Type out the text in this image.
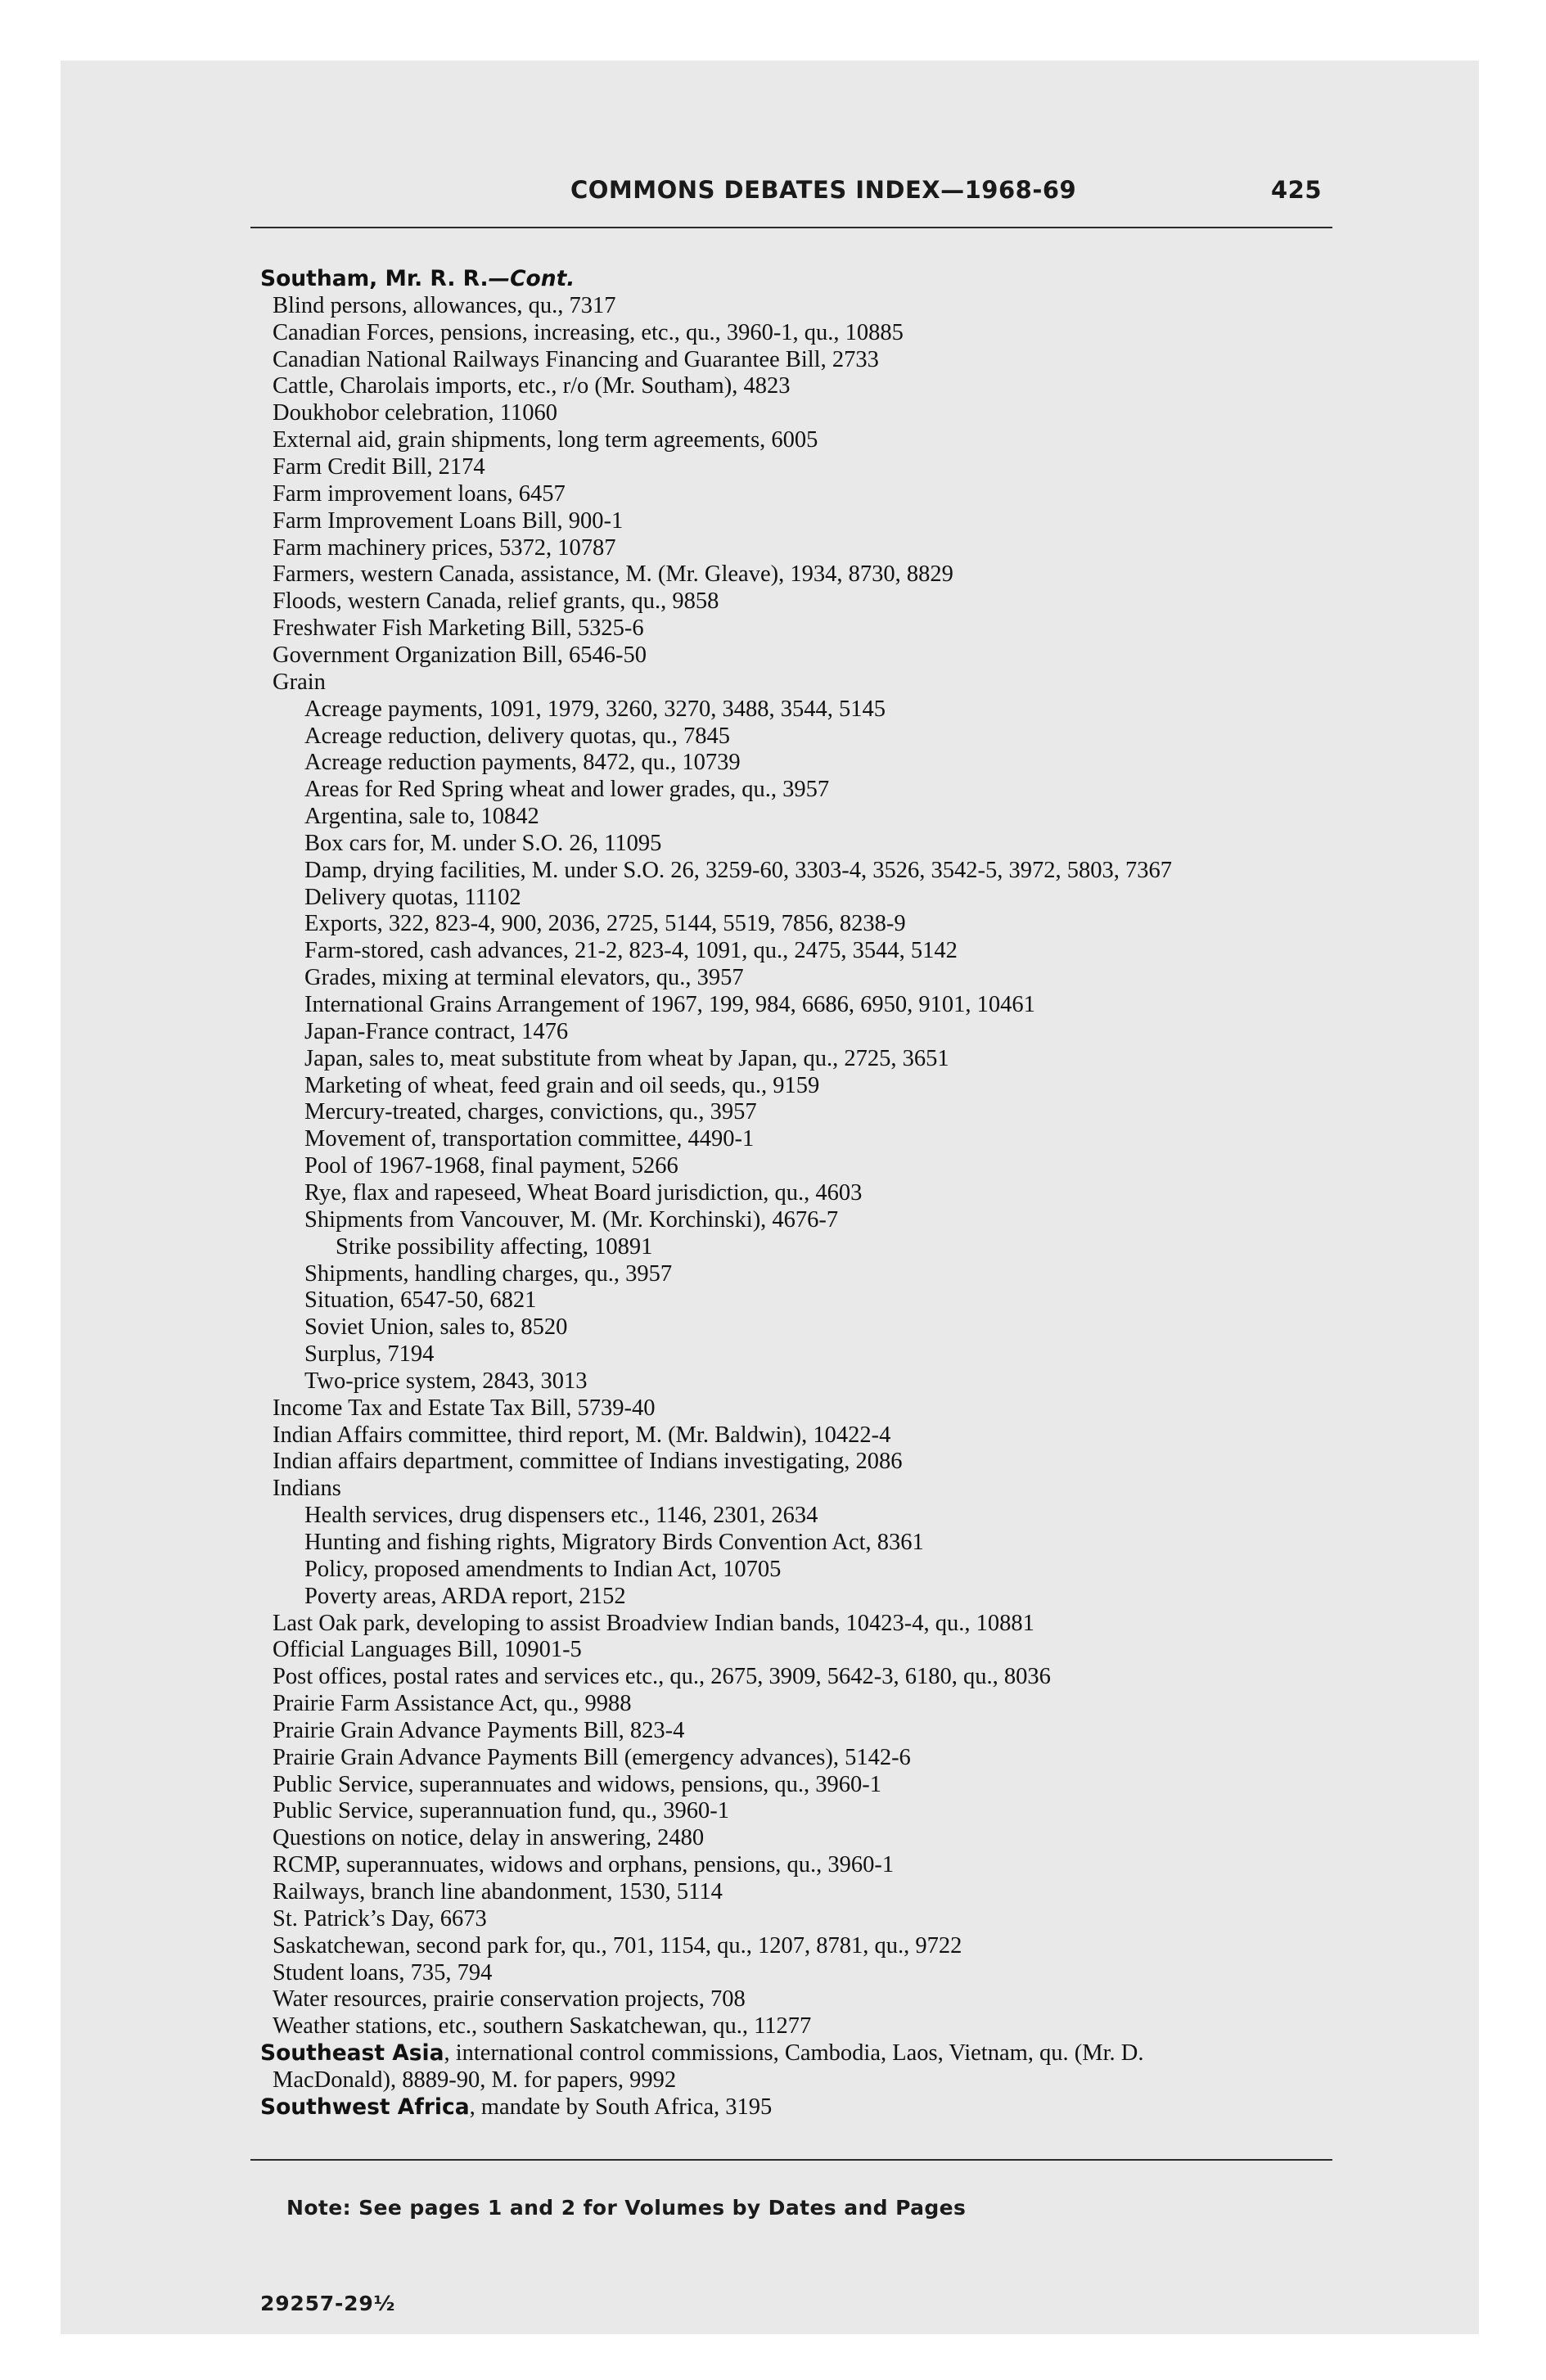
COMMONS DEBATES INDEX—1968-69	425
Southam, Mr. R. R.—Cont.
Blind persons, allowances, qu., 7317
Canadian Forces, pensions, increasing, etc., qu., 3960-1, qu., 10885
Canadian National Railways Financing and Guarantee Bill, 2733
Cattle, Charolais imports, etc., r/o (Mr. Southam), 4823
Doukhobor celebration, 11060
External aid, grain shipments, long term agreements, 6005
Farm Credit Bill, 2174
Farm improvement loans, 6457
Farm Improvement Loans Bill, 900-1
Farm machinery prices, 5372, 10787
Farmers, western Canada, assistance, M. (Mr. Gleave), 1934, 8730, 8829
Floods, western Canada, relief grants, qu., 9858
Freshwater Fish Marketing Bill, 5325-6
Government Organization Bill, 6546-50
Grain
Acreage payments, 1091, 1979, 3260, 3270, 3488, 3544, 5145
Acreage reduction, delivery quotas, qu., 7845
Acreage reduction payments, 8472, qu., 10739
Areas for Red Spring wheat and lower grades, qu., 3957
Argentina, sale to, 10842
Box cars for, M. under S.O. 26, 11095
Damp, drying facilities, M. under S.O. 26, 3259-60, 3303-4, 3526, 3542-5, 3972, 5803, 7367
Delivery quotas, 11102
Exports, 322, 823-4, 900, 2036, 2725, 5144, 5519, 7856, 8238-9
Farm-stored, cash advances, 21-2, 823-4, 1091, qu., 2475, 3544, 5142
Grades, mixing at terminal elevators, qu., 3957
International Grains Arrangement of 1967, 199, 984, 6686, 6950, 9101, 10461
Japan-France contract, 1476
Japan, sales to, meat substitute from wheat by Japan, qu., 2725, 3651
Marketing of wheat, feed grain and oil seeds, qu., 9159
Mercury-treated, charges, convictions, qu., 3957
Movement of, transportation committee, 4490-1
Pool of 1967-1968, final payment, 5266
Rye, flax and rapeseed, Wheat Board jurisdiction, qu., 4603
Shipments from Vancouver, M. (Mr. Korchinski), 4676-7
Strike possibility affecting, 10891
Shipments, handling charges, qu., 3957
Situation, 6547-50, 6821
Soviet Union, sales to, 8520
Surplus, 7194
Two-price system, 2843, 3013
Income Tax and Estate Tax Bill, 5739-40
Indian Affairs committee, third report, M. (Mr. Baldwin), 10422-4
Indian affairs department, committee of Indians investigating, 2086
Indians
Health services, drug dispensers etc., 1146, 2301, 2634
Hunting and fishing rights, Migratory Birds Convention Act, 8361
Policy, proposed amendments to Indian Act, 10705
Poverty areas, ARDA report, 2152
Last Oak park, developing to assist Broadview Indian bands, 10423-4, qu., 10881
Official Languages Bill, 10901-5
Post offices, postal rates and services etc., qu., 2675, 3909, 5642-3, 6180, qu., 8036
Prairie Farm Assistance Act, qu., 9988
Prairie Grain Advance Payments Bill, 823-4
Prairie Grain Advance Payments Bill (emergency advances), 5142-6
Public Service, superannuates and widows, pensions, qu., 3960-1
Public Service, superannuation fund, qu., 3960-1
Questions on notice, delay in answering, 2480
RCMP, superannuates, widows and orphans, pensions, qu., 3960-1
Railways, branch line abandonment, 1530, 5114
St. Patrick’s Day, 6673
Saskatchewan, second park for, qu., 701, 1154, qu., 1207, 8781, qu., 9722
Student loans, 735, 794
Water resources, prairie conservation projects, 708
Weather stations, etc., southern Saskatchewan, qu., 11277
Southeast Asia, international control commissions, Cambodia, Laos, Vietnam, qu. (Mr. D.
MacDonald), 8889-90, M. for papers, 9992
Southwest Africa, mandate by South Africa, 3195
Note: See pages 1 and 2 for Volumes by Dates and Pages
29257-29½
